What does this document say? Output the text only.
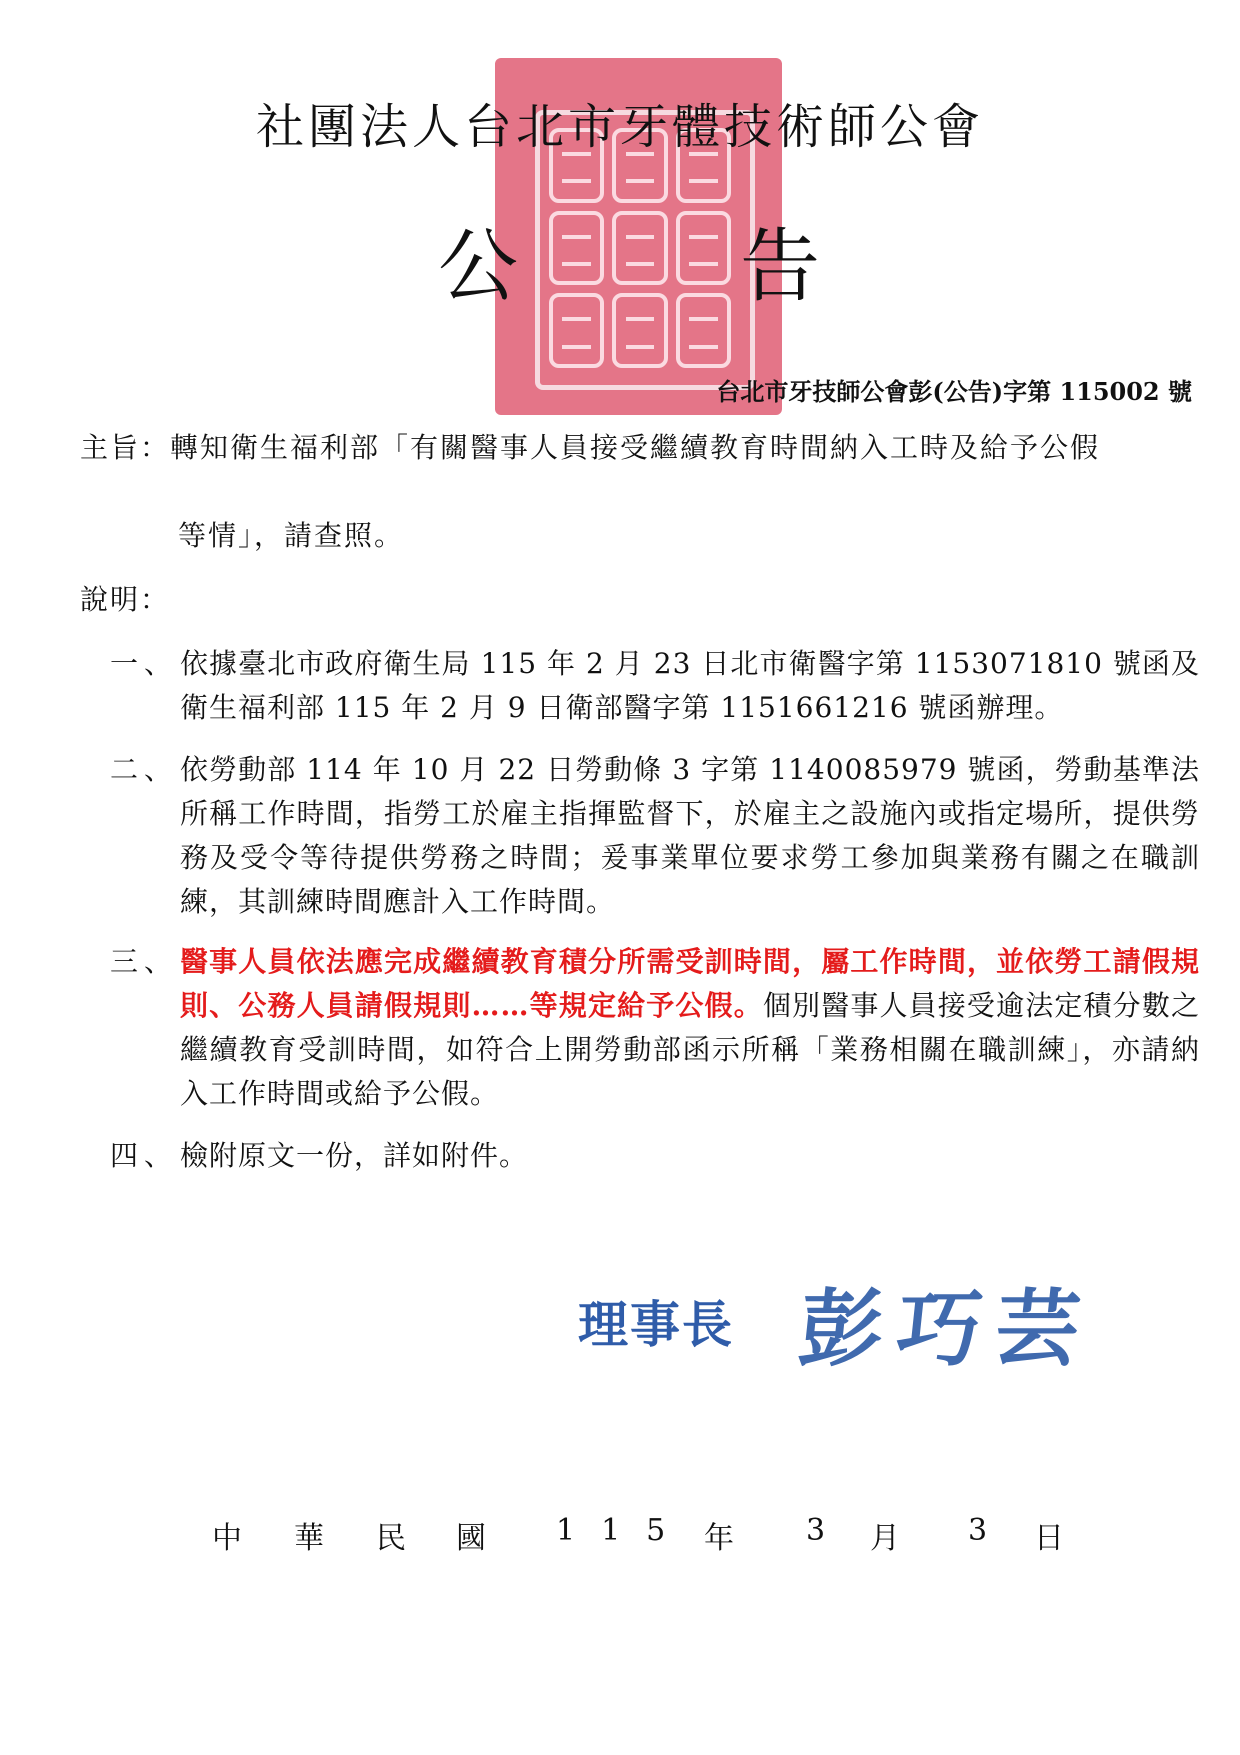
社團法人台北市牙體技術師公會
公	告
台北市牙技師公會彭(公告)字第 115002 號
主旨：轉知衛生福利部「有關醫事人員接受繼續教育時間納入工時及給予公假
等情」，請查照。
說明：
一、 依據臺北市政府衛生局 115 年 2 月 23 日北市衛醫字第 1153071810 號函及衛生福利部 115 年 2 月 9 日衛部醫字第 1151661216 號函辦理。
二、 依勞動部 114 年 10 月 22 日勞動條 3 字第 1140085979 號函，勞動基準法所稱工作時間，指勞工於雇主指揮監督下，於雇主之設施內或指定場所，提供勞務及受令等待提供勞務之時間；爰事業單位要求勞工參加與業務有關之在職訓練，其訓練時間應計入工作時間。
三、 醫事人員依法應完成繼續教育積分所需受訓時間，屬工作時間，並依勞工請假規則、公務人員請假規則……等規定給予公假。個別醫事人員接受逾法定積分數之繼續教育受訓時間，如符合上開勞動部函示所稱「業務相關在職訓練」，亦請納入工作時間或給予公假。
四、 檢附原文一份，詳如附件。
理事長 彭巧芸
中 華 民 國 115 年 3 月 3 日
